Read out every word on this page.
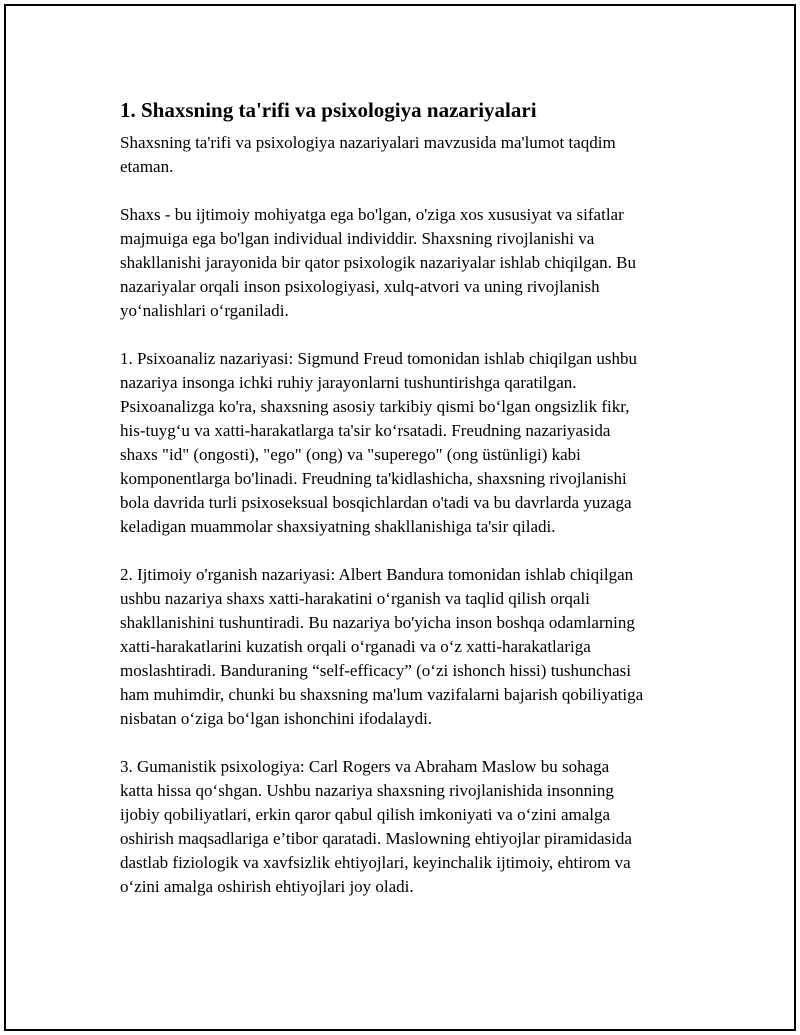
1. Shaxsning ta'rifi va psixologiya nazariyalari

Shaxsning ta'rifi va psixologiya nazariyalari mavzusida ma'lumot taqdim
etaman.

Shaxs - bu ijtimoiy mohiyatga ega bo'lgan, o'ziga xos xususiyat va sifatlar
majmuiga ega bo'lgan individual individdir. Shaxsning rivojlanishi va
shakllanishi jarayonida bir qator psixologik nazariyalar ishlab chiqilgan. Bu
nazariyalar orqali inson psixologiyasi, xulq-atvori va uning rivojlanish
yo‘nalishlari o‘rganiladi.

1. Psixoanaliz nazariyasi: Sigmund Freud tomonidan ishlab chiqilgan ushbu
nazariya insonga ichki ruhiy jarayonlarni tushuntirishga qaratilgan.
Psixoanalizga ko'ra, shaxsning asosiy tarkibiy qismi bo‘lgan ongsizlik fikr,
his-tuyg‘u va xatti-harakatlarga ta'sir ko‘rsatadi. Freudning nazariyasida
shaxs "id" (ongosti), "ego" (ong) va "superego" (ong üstünligi) kabi
komponentlarga bo'linadi. Freudning ta'kidlashicha, shaxsning rivojlanishi
bola davrida turli psixoseksual bosqichlardan o'tadi va bu davrlarda yuzaga
keladigan muammolar shaxsiyatning shakllanishiga ta'sir qiladi.

2. Ijtimoiy o'rganish nazariyasi: Albert Bandura tomonidan ishlab chiqilgan
ushbu nazariya shaxs xatti-harakatini o‘rganish va taqlid qilish orqali
shakllanishini tushuntiradi. Bu nazariya bo'yicha inson boshqa odamlarning
xatti-harakatlarini kuzatish orqali o‘rganadi va o‘z xatti-harakatlariga
moslashtiradi. Banduraning “self-efficacy” (o‘zi ishonch hissi) tushunchasi
ham muhimdir, chunki bu shaxsning ma'lum vazifalarni bajarish qobiliyatiga
nisbatan o‘ziga bo‘lgan ishonchini ifodalaydi.

3. Gumanistik psixologiya: Carl Rogers va Abraham Maslow bu sohaga
katta hissa qo‘shgan. Ushbu nazariya shaxsning rivojlanishida insonning
ijobiy qobiliyatlari, erkin qaror qabul qilish imkoniyati va o‘zini amalga
oshirish maqsadlariga e’tibor qaratadi. Maslowning ehtiyojlar piramidasida
dastlab fiziologik va xavfsizlik ehtiyojlari, keyinchalik ijtimoiy, ehtirom va
o‘zini amalga oshirish ehtiyojlari joy oladi.
